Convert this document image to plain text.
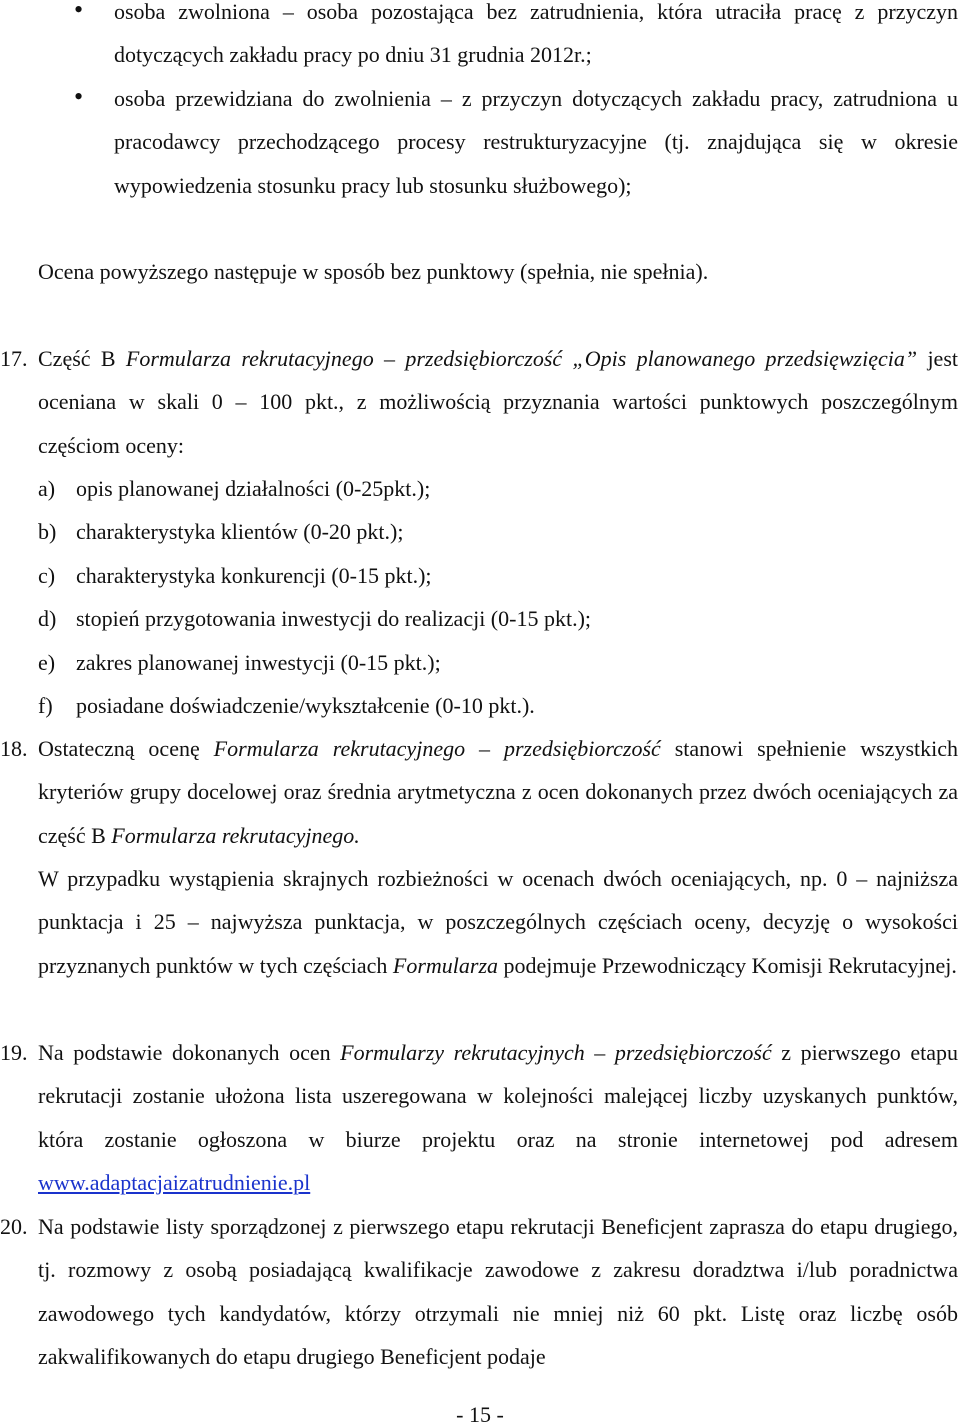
• osoba zwolniona – osoba pozostająca bez zatrudnienia, która utraciła pracę z przyczyn dotyczących zakładu pracy po dniu 31 grudnia 2012r.;
• osoba przewidziana do zwolnienia – z przyczyn dotyczących zakładu pracy, zatrudniona u pracodawcy przechodzącego procesy restrukturyzacyjne (tj. znajdująca się w okresie wypowiedzenia stosunku pracy lub stosunku służbowego);
Ocena powyższego następuje w sposób bez punktowy (spełnia, nie spełnia).
17. Część B Formularza rekrutacyjnego – przedsiębiorczość „Opis planowanego przedsięwzięcia” jest oceniana w skali 0 – 100 pkt., z możliwością przyznania wartości punktowych poszczególnym częściom oceny:
a) opis planowanej działalności (0-25pkt.);
b) charakterystyka klientów (0-20 pkt.);
c) charakterystyka konkurencji (0-15 pkt.);
d) stopień przygotowania inwestycji do realizacji (0-15 pkt.);
e) zakres planowanej inwestycji (0-15 pkt.);
f) posiadane doświadczenie/wykształcenie (0-10 pkt.).
18. Ostateczną ocenę Formularza rekrutacyjnego – przedsiębiorczość stanowi spełnienie wszystkich kryteriów grupy docelowej oraz średnia arytmetyczna z ocen dokonanych przez dwóch oceniających za część B Formularza rekrutacyjnego.
W przypadku wystąpienia skrajnych rozbieżności w ocenach dwóch oceniających, np. 0 – najniższa punktacja i 25 – najwyższa punktacja, w poszczególnych częściach oceny, decyzję o wysokości przyznanych punktów w tych częściach Formularza podejmuje Przewodniczący Komisji Rekrutacyjnej.
19. Na podstawie dokonanych ocen Formularzy rekrutacyjnych – przedsiębiorczość z pierwszego etapu rekrutacji zostanie ułożona lista uszeregowana w kolejności malejącej liczby uzyskanych punktów, która zostanie ogłoszona w biurze projektu oraz na stronie internetowej pod adresem www.adaptacjaizatrudnienie.pl
20. Na podstawie listy sporządzonej z pierwszego etapu rekrutacji Beneficjent zaprasza do etapu drugiego, tj. rozmowy z osobą posiadającą kwalifikacje zawodowe z zakresu doradztwa i/lub poradnictwa zawodowego tych kandydatów, którzy otrzymali nie mniej niż 60 pkt. Listę oraz liczbę osób zakwalifikowanych do etapu drugiego Beneficjent podaje
- 15 -
